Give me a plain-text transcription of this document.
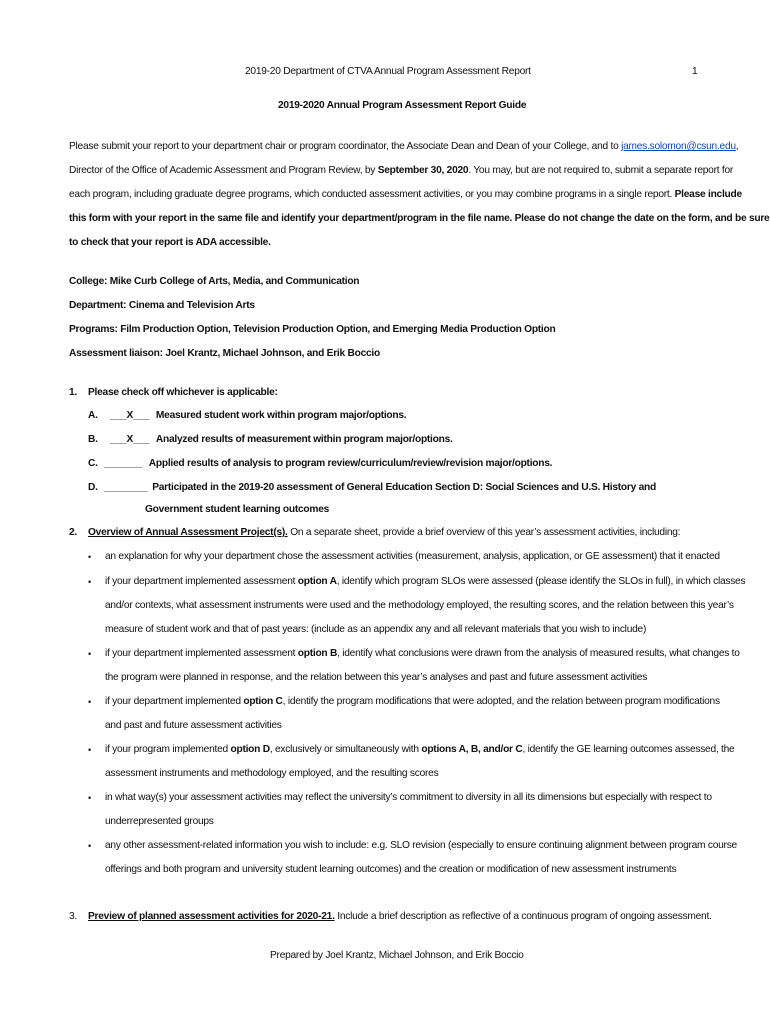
2019-20 Department of CTVA Annual Program Assessment Report	1
2019-2020 Annual Program Assessment Report Guide
Please submit your report to your department chair or program coordinator, the Associate Dean and Dean of your College, and to james.solomon@csun.edu,
Director of the Office of Academic Assessment and Program Review, by September 30, 2020. You may, but are not required to, submit a separate report for
each program, including graduate degree programs, which conducted assessment activities, or you may combine programs in a single report. Please include
this form with your report in the same file and identify your department/program in the file name. Please do not change the date on the form, and be sure
to check that your report is ADA accessible.
College: Mike Curb College of Arts, Media, and Communication
Department: Cinema and Television Arts
Programs: Film Production Option, Television Production Option, and Emerging Media Production Option
Assessment liaison: Joel Krantz, Michael Johnson, and Erik Boccio
1. Please check off whichever is applicable:
A. ___X___ Measured student work within program major/options.
B. ___X___ Analyzed results of measurement within program major/options.
C. _______ Applied results of analysis to program review/curriculum/review/revision major/options.
D. ________ Participated in the 2019-20 assessment of General Education Section D: Social Sciences and U.S. History and
Government student learning outcomes
2. Overview of Annual Assessment Project(s). On a separate sheet, provide a brief overview of this year’s assessment activities, including:
• an explanation for why your department chose the assessment activities (measurement, analysis, application, or GE assessment) that it enacted
• if your department implemented assessment option A, identify which program SLOs were assessed (please identify the SLOs in full), in which classes
and/or contexts, what assessment instruments were used and the methodology employed, the resulting scores, and the relation between this year’s
measure of student work and that of past years: (include as an appendix any and all relevant materials that you wish to include)
• if your department implemented assessment option B, identify what conclusions were drawn from the analysis of measured results, what changes to
the program were planned in response, and the relation between this year’s analyses and past and future assessment activities
• if your department implemented option C, identify the program modifications that were adopted, and the relation between program modifications
and past and future assessment activities
• if your program implemented option D, exclusively or simultaneously with options A, B, and/or C, identify the GE learning outcomes assessed, the
assessment instruments and methodology employed, and the resulting scores
• in what way(s) your assessment activities may reflect the university’s commitment to diversity in all its dimensions but especially with respect to
underrepresented groups
• any other assessment-related information you wish to include: e.g. SLO revision (especially to ensure continuing alignment between program course
offerings and both program and university student learning outcomes) and the creation or modification of new assessment instruments
3. Preview of planned assessment activities for 2020-21. Include a brief description as reflective of a continuous program of ongoing assessment.
Prepared by Joel Krantz, Michael Johnson, and Erik Boccio
